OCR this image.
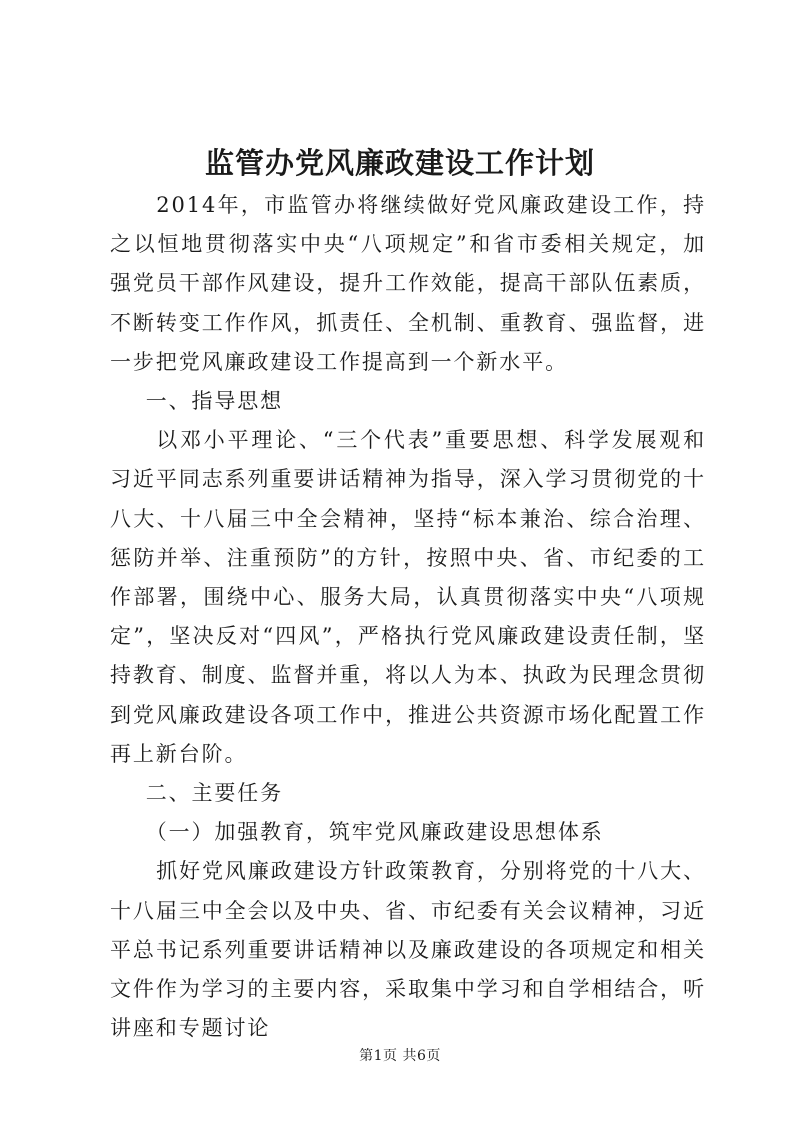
监管办党风廉政建设工作计划

2014年，市监管办将继续做好党风廉政建设工作，持之以恒地贯彻落实中央“八项规定”和省市委相关规定，加强党员干部作风建设，提升工作效能，提高干部队伍素质，不断转变工作作风，抓责任、全机制、重教育、强监督，进一步把党风廉政建设工作提高到一个新水平。

一、指导思想

以邓小平理论、“三个代表”重要思想、科学发展观和习近平同志系列重要讲话精神为指导，深入学习贯彻党的十八大、十八届三中全会精神，坚持“标本兼治、综合治理、惩防并举、注重预防”的方针，按照中央、省、市纪委的工作部署，围绕中心、服务大局，认真贯彻落实中央“八项规定”，坚决反对“四风”，严格执行党风廉政建设责任制，坚持教育、制度、监督并重，将以人为本、执政为民理念贯彻到党风廉政建设各项工作中，推进公共资源市场化配置工作再上新台阶。

二、主要任务

（一）加强教育，筑牢党风廉政建设思想体系

抓好党风廉政建设方针政策教育，分别将党的十八大、十八届三中全会以及中央、省、市纪委有关会议精神，习近平总书记系列重要讲话精神以及廉政建设的各项规定和相关文件作为学习的主要内容，采取集中学习和自学相结合，听讲座和专题讨论

第1页 共6页
